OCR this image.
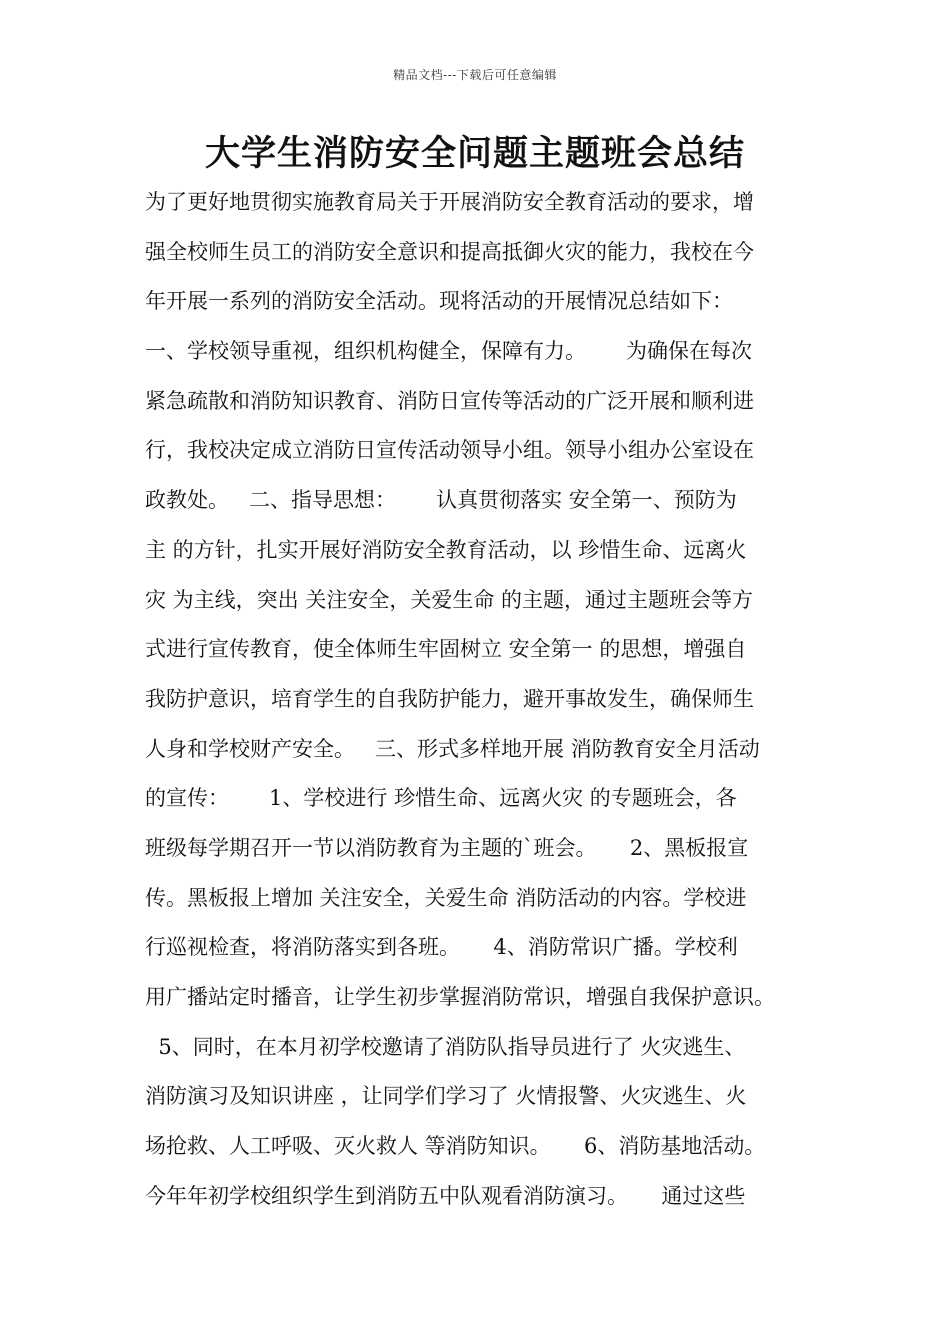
精品文档---下载后可任意编辑
大学生消防安全问题主题班会总结
为了更好地贯彻实施教育局关于开展消防安全教育活动的要求，增
强全校师生员工的消防安全意识和提高抵御火灾的能力，我校在今
年开展一系列的消防安全活动。现将活动的开展情况总结如下：
一、学校领导重视，组织机构健全，保障有力。      为确保在每次
紧急疏散和消防知识教育、消防日宣传等活动的广泛开展和顺利进
行，我校决定成立消防日宣传活动领导小组。领导小组办公室设在
政教处。   二、指导思想：      认真贯彻落实 安全第一、预防为
主 的方针，扎实开展好消防安全教育活动，以 珍惜生命、远离火
灾 为主线，突出 关注安全，关爱生命 的主题，通过主题班会等方
式进行宣传教育，使全体师生牢固树立 安全第一 的思想，增强自
我防护意识，培育学生的自我防护能力，避开事故发生，确保师生
人身和学校财产安全。   三、形式多样地开展 消防教育安全月活动
的宣传：      1、学校进行 珍惜生命、远离火灾 的专题班会，各
班级每学期召开一节以消防教育为主题的`班会。     2、黑板报宣
传。黑板报上增加 关注安全，关爱生命 消防活动的内容。学校进
行巡视检查，将消防落实到各班。     4、消防常识广播。学校利
用广播站定时播音，让学生初步掌握消防常识，增强自我保护意识。
5、同时，在本月初学校邀请了消防队指导员进行了 火灾逃生、
消防演习及知识讲座 ，让同学们学习了 火情报警、火灾逃生、火
场抢救、人工呼吸、灭火救人 等消防知识。     6、消防基地活动。
今年年初学校组织学生到消防五中队观看消防演习。     通过这些
